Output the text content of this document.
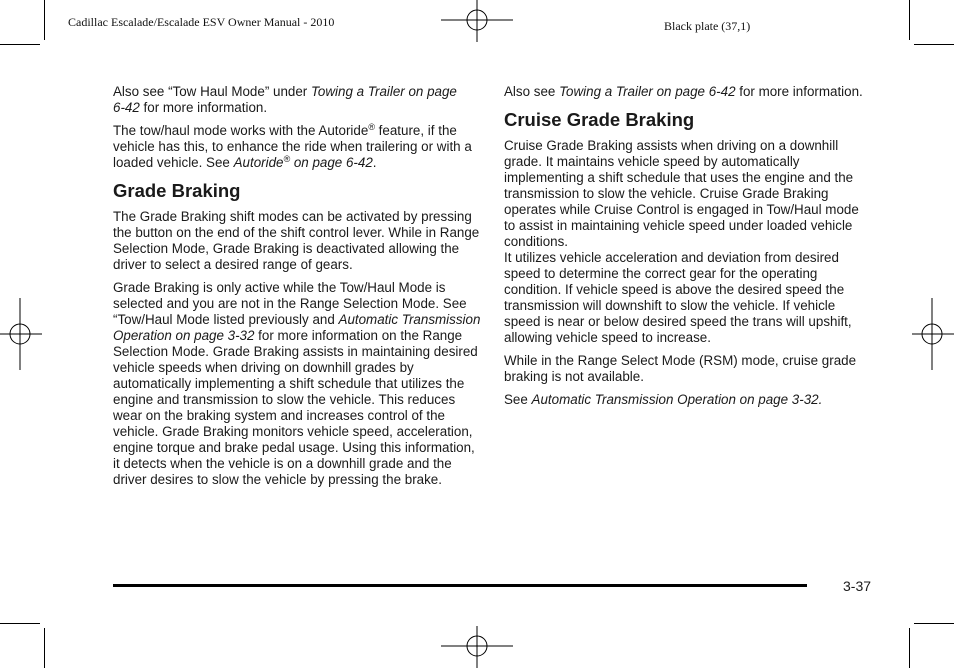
Cadillac Escalade/Escalade ESV Owner Manual - 2010	Black plate (37,1)

Also see “Tow Haul Mode” under Towing a Trailer on page 6‑42 for more information.

The tow/haul mode works with the Autoride® feature, if the vehicle has this, to enhance the ride when trailering or with a loaded vehicle. See Autoride® on page 6‑42.

Grade Braking

The Grade Braking shift modes can be activated by pressing the button on the end of the shift control lever. While in Range Selection Mode, Grade Braking is deactivated allowing the driver to select a desired range of gears.

Grade Braking is only active while the Tow/Haul Mode is selected and you are not in the Range Selection Mode. See “Tow/Haul Mode listed previously and Automatic Transmission Operation on page 3‑32 for more information on the Range Selection Mode. Grade Braking assists in maintaining desired vehicle speeds when driving on downhill grades by automatically implementing a shift schedule that utilizes the engine and transmission to slow the vehicle. This reduces wear on the braking system and increases control of the vehicle. Grade Braking monitors vehicle speed, acceleration, engine torque and brake pedal usage. Using this information, it detects when the vehicle is on a downhill grade and the driver desires to slow the vehicle by pressing the brake.

Also see Towing a Trailer on page 6‑42 for more information.

Cruise Grade Braking

Cruise Grade Braking assists when driving on a downhill grade. It maintains vehicle speed by automatically implementing a shift schedule that uses the engine and the transmission to slow the vehicle. Cruise Grade Braking operates while Cruise Control is engaged in Tow/Haul mode to assist in maintaining vehicle speed under loaded vehicle conditions.

It utilizes vehicle acceleration and deviation from desired speed to determine the correct gear for the operating condition. If vehicle speed is above the desired speed the transmission will downshift to slow the vehicle. If vehicle speed is near or below desired speed the trans will upshift, allowing vehicle speed to increase.

While in the Range Select Mode (RSM) mode, cruise grade braking is not available.

See Automatic Transmission Operation on page 3‑32.

3-37
